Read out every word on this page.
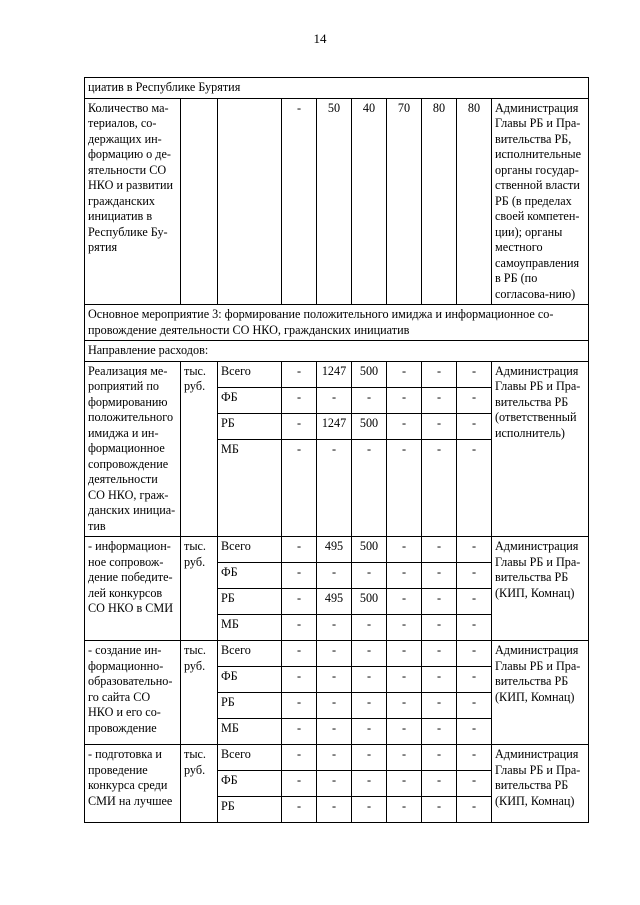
14
циатив в Республике Бурятия									
Количество ма-териалов, со-держащих ин-формацию о де-ятельности СО НКО и развитии гражданских инициатив в Республике Бу-рятия			-	50	40	70	80	80	Администрация Главы РБ и Пра-вительства РБ, исполнительные органы государ-ственной власти РБ (в пределах своей компетен-ции); органы местного самоуправления в РБ (по согласова-нию)
Основное мероприятие 3: формирование положительного имиджа и информационное со-провождение деятельности СО НКО, гражданских инициатив									
Направление расходов:									
Реализация ме-роприятий по формированию положительного имиджа и ин-формационное сопровождение деятельности СО НКО, граж-данских инициа-тив	тыс. руб.	Всего	-	1247	500	-	-	-	Администрация Главы РБ и Пра-вительства РБ (ответственный исполнитель)
		ФБ	-	-	-	-	-	-	
		РБ	-	1247	500	-	-	-	
		МБ	-	-	-	-	-	-	
- информацион-ное сопровож-дение победите-лей конкурсов СО НКО в СМИ	тыс. руб.	Всего	-	495	500	-	-	-	Администрация Главы РБ и Пра-вительства РБ (КИП, Комнац)
		ФБ	-	-	-	-	-	-	
		РБ	-	495	500	-	-	-	
		МБ	-	-	-	-	-	-	
- создание ин-формационно-образовательно-го сайта СО НКО и его со-провождение	тыс. руб.	Всего	-	-	-	-	-	-	Администрация Главы РБ и Пра-вительства РБ (КИП, Комнац)
		ФБ	-	-	-	-	-	-	
		РБ	-	-	-	-	-	-	
		МБ	-	-	-	-	-	-	
- подготовка и проведение конкурса среди СМИ на лучшее	тыс. руб.	Всего	-	-	-	-	-	-	Администрация Главы РБ и Пра-вительства РБ (КИП, Комнац)
		ФБ	-	-	-	-	-	-	
		РБ	-	-	-	-	-	-	
